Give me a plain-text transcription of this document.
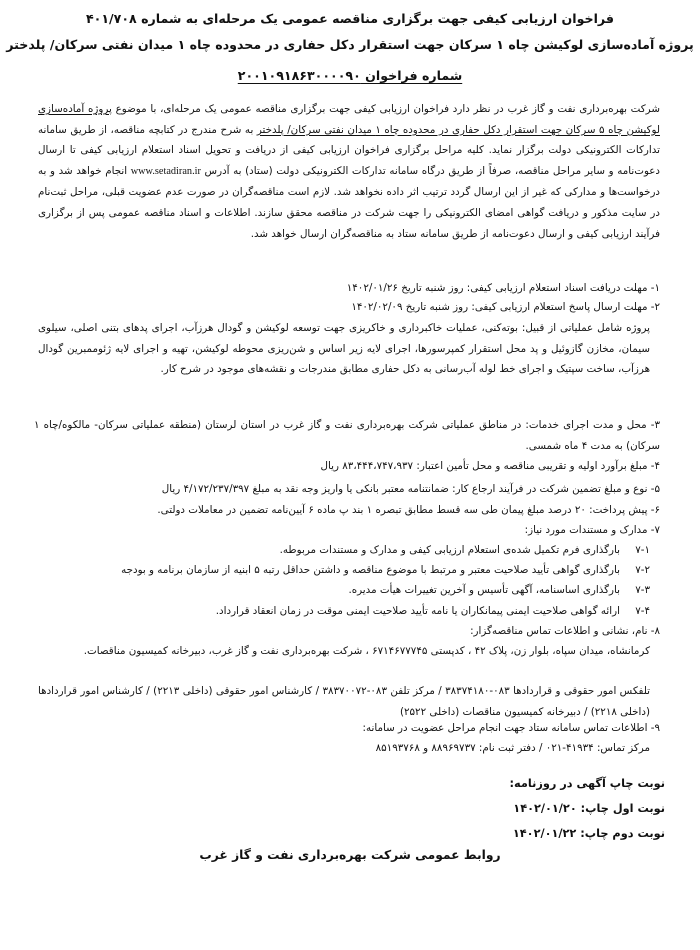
فراخوان ارزیابی کیفی جهت برگزاری مناقصه عمومی یک مرحله‌ای به شماره ۴۰۱/۷۰۸
پروژه آماده‌سازی لوکیشن چاه ۱ سرکان جهت استقرار دکل حفاری در محدوده چاه ۱ میدان نفتی سرکان/ پلدختر
شماره فراخوان ۲۰۰۱۰۹۱۸۶۳۰۰۰۰۹۰
شرکت بهره‌برداری نفت و گاز غرب در نظر دارد فراخوان ارزیابی کیفی جهت برگزاری مناقصه عمومی یک مرحله‌ای، با موضوع پروژه آماده‌سازی لوکیشن چاه ۵ سرکان جهت استقرار دکل حفاری در محدوده چاه ۱ میدان نفتی سرکان/ پلدختر به شرح مندرج در کتابچه مناقصه، از طریق سامانه تدارکات الکترونیکی دولت برگزار نماید. کلیه مراحل برگزاری فراخوان ارزیابی کیفی از دریافت و تحویل اسناد استعلام ارزیابی کیفی تا ارسال دعوت‌نامه و سایر مراحل مناقصه، صرفاً از طریق درگاه سامانه تدارکات الکترونیکی دولت (ستاد) به آدرس www.setadiran.ir انجام خواهد شد و به درخواست‌ها و مدارکی که غیر از این ارسال گردد ترتیب اثر داده نخواهد شد. لازم است مناقصه‌گران در صورت عدم عضویت قبلی، مراحل ثبت‌نام در سایت مذکور و دریافت گواهی امضای الکترونیکی را جهت شرکت در مناقصه محقق سازند. اطلاعات و اسناد مناقصه عمومی پس از برگزاری فرآیند ارزیابی کیفی و ارسال دعوت‌نامه از طریق سامانه ستاد به مناقصه‌گران ارسال خواهد شد.
۱- مهلت دریافت اسناد استعلام ارزیابی کیفی: روز شنبه تاریخ ۱۴۰۲/۰۱/۲۶
۲- مهلت ارسال پاسخ استعلام ارزیابی کیفی: روز شنبه تاریخ ۱۴۰۲/۰۲/۰۹
پروژه شامل عملیاتی از قبیل: بوته‌کنی، عملیات خاکبرداری و خاکریزی جهت توسعه لوکیشن و گودال هرزآب، اجرای پدهای بتنی اصلی، سیلوی سیمان، مخازن گازوئیل و پد محل استقرار کمپرسورها، اجرای لایه زیر اساس و شن‌ریزی محوطه لوکیشن، تهیه و اجرای لایه ژئوممبرین گودال هرزآب، ساخت سپتیک و اجرای خط لوله آب‌رسانی به دکل حفاری مطابق مندرجات و نقشه‌های موجود در شرح کار.
۳- محل و مدت اجرای خدمات: در مناطق عملیاتی شرکت بهره‌برداری نفت و گاز غرب در استان لرستان (منطقه عملیاتی سرکان- مالکوه/چاه ۱ سرکان) به مدت ۴ ماه شمسی.
۴- مبلغ برآورد اولیه و تقریبی مناقصه و محل تأمین اعتبار: ۸۳،۴۴۴،۷۴۷،۹۳۷ ریال
۵- نوع و مبلغ تضمین شرکت در فرآیند ارجاع کار: ضمانتنامه معتبر بانکی یا واریز وجه نقد به مبلغ ۴/۱۷۲/۲۳۷/۳۹۷ ریال
۶- پیش پرداخت: ۲۰ درصد مبلغ پیمان طی سه قسط مطابق تبصره ۱ بند پ ماده ۶ آیین‌نامه تضمین در معاملات دولتی.
۷- مدارک و مستندات مورد نیاز:
۷-۱بارگذاری فرم تکمیل شده‌ی استعلام ارزیابی کیفی و مدارک و مستندات مربوطه.
۷-۲بارگذاری گواهی تأیید صلاحیت معتبر و مرتبط با موضوع مناقصه و داشتن حداقل رتبه ۵ ابنیه از سازمان برنامه و بودجه
۷-۳بارگذاری اساسنامه، آگهی تأسیس و آخرین تغییرات هیأت مدیره.
۷-۴ارائه گواهی صلاحیت ایمنی پیمانکاران یا نامه تأیید صلاحیت ایمنی موقت در زمان انعقاد قرارداد.
۸- نام، نشانی و اطلاعات تماس مناقصه‌گزار:
کرمانشاه، میدان سپاه، بلوار زن، پلاک ۴۲ ، کدپستی ۶۷۱۴۶۷۷۷۴۵ ، شرکت بهره‌برداری نفت و گاز غرب، دبیرخانه کمیسیون مناقصات.
تلفکس امور حقوقی و قراردادها ۰۸۳-۳۸۳۷۴۱۸۰ / مرکز تلفن ۰۸۳-۳۸۳۷۰۰۷۲ / کارشناس امور حقوقی (داخلی ۲۲۱۳) / کارشناس امور قراردادها (داخلی ۲۲۱۸) / دبیرخانه کمیسیون مناقصات (داخلی ۲۵۲۲)
۹- اطلاعات تماس سامانه ستاد جهت انجام مراحل عضویت در سامانه:
مرکز تماس: ۴۱۹۳۴-۰۲۱ / دفتر ثبت نام: ۸۸۹۶۹۷۳۷ و ۸۵۱۹۳۷۶۸
نوبت چاپ آگهی در روزنامه:
نوبت اول چاپ: ۱۴۰۲/۰۱/۲۰
نوبت دوم چاپ: ۱۴۰۲/۰۱/۲۲
روابط عمومی شرکت بهره‌برداری نفت و گاز غرب
